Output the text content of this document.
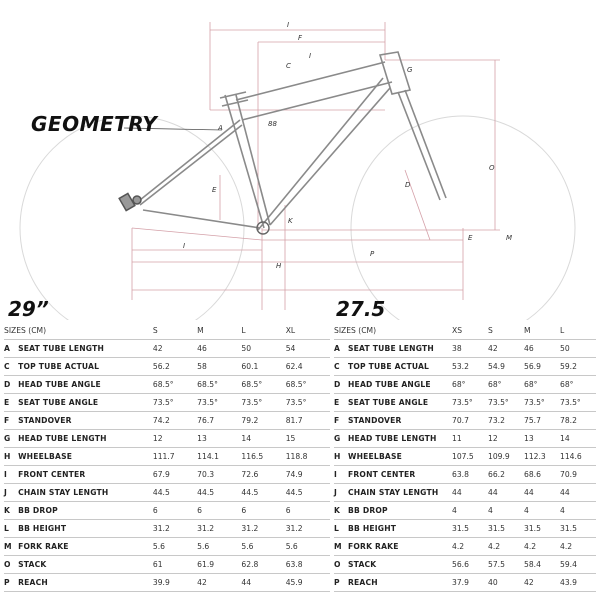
I
F
I
C
A	88
E
D
O
G
K
I
P
H
M
E
GEOMETRY
29”	27.5
SIZES (CM)		S	M	L	XL
A	SEAT TUBE LENGTH	42	46	50	54
C	TOP TUBE ACTUAL	56.2	58	60.1	62.4
D	HEAD TUBE ANGLE	68.5°	68.5°	68.5°	68.5°
E	SEAT TUBE ANGLE	73.5°	73.5°	73.5°	73.5°
F	STANDOVER	74.2	76.7	79.2	81.7
G	HEAD TUBE LENGTH	12	13	14	15
H	WHEELBASE	111.7	114.1	116.5	118.8
I	FRONT CENTER	67.9	70.3	72.6	74.9
J	CHAIN STAY LENGTH	44.5	44.5	44.5	44.5
K	BB DROP	6	6	6	6
L	BB HEIGHT	31.2	31.2	31.2	31.2
M	FORK RAKE	5.6	5.6	5.6	5.6
O	STACK	61	61.9	62.8	63.8
P	REACH	39.9	42	44	45.9
SIZES (CM)		XS	S	M	L
A	SEAT TUBE LENGTH	38	42	46	50
C	TOP TUBE ACTUAL	53.2	54.9	56.9	59.2
D	HEAD TUBE ANGLE	68°	68°	68°	68°
E	SEAT TUBE ANGLE	73.5°	73.5°	73.5°	73.5°
F	STANDOVER	70.7	73.2	75.7	78.2
G	HEAD TUBE LENGTH	11	12	13	14
H	WHEELBASE	107.5	109.9	112.3	114.6
I	FRONT CENTER	63.8	66.2	68.6	70.9
J	CHAIN STAY LENGTH	44	44	44	44
K	BB DROP	4	4	4	4
L	BB HEIGHT	31.5	31.5	31.5	31.5
M	FORK RAKE	4.2	4.2	4.2	4.2
O	STACK	56.6	57.5	58.4	59.4
P	REACH	37.9	40	42	43.9
